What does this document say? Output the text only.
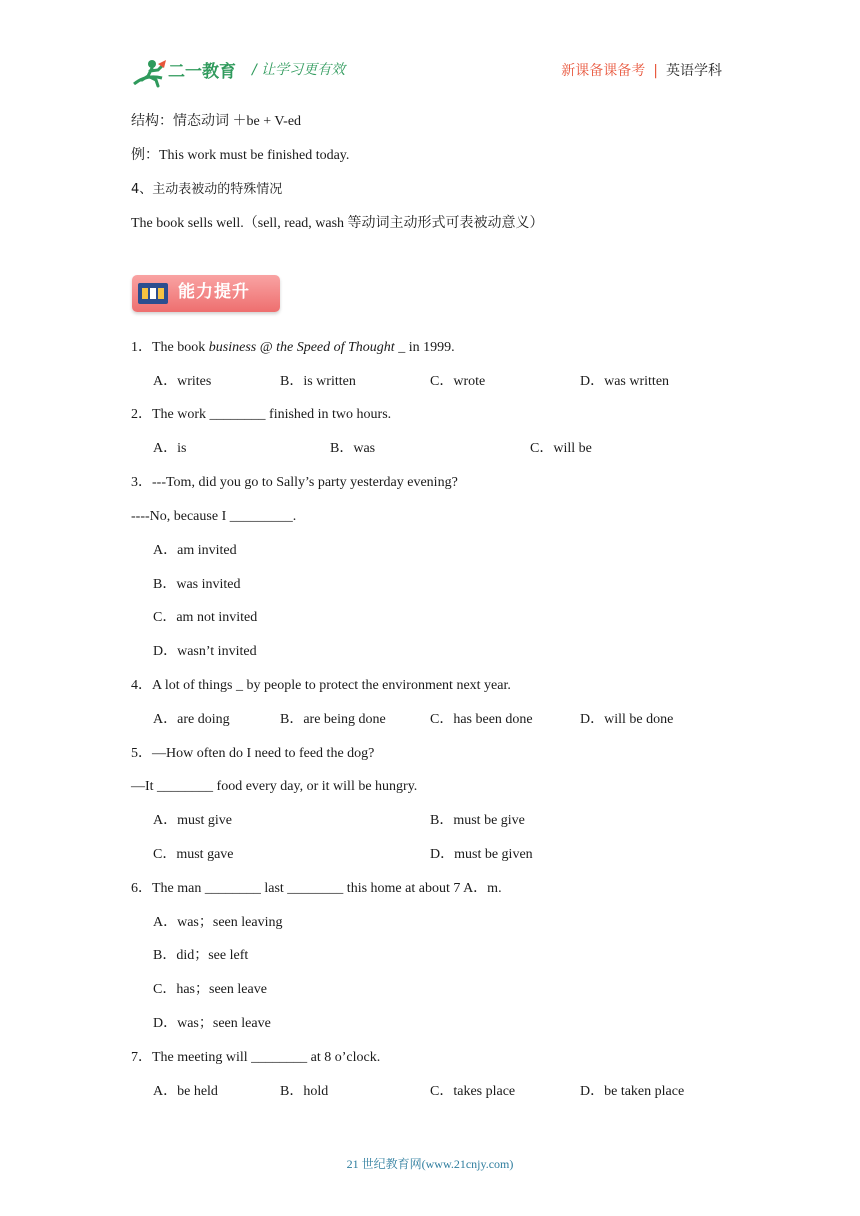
二一教育 / 让学习更有效	新课备课备考 | 英语学科
结构：情态动词 ＋be + V-ed
例：This work must be finished today.
4、主动表被动的特殊情况
The book sells well.（sell, read, wash 等动词主动形式可表被动意义）
能力提升
1．The book business @ the Speed of Thought _ in 1999.
A．writes	B．is written	C．wrote	D．was written
2．The work ________ finished in two hours.
A．is	B．was	C．will be
3．---Tom, did you go to Sally’s party yesterday evening?
----No, because I _________.
A．am invited
B．was invited
C．am not invited
D．wasn’t invited
4．A lot of things _ by people to protect the environment next year.
A．are doing	B．are being done	C．has been done	D．will be done
5．—How often do I need to feed the dog?
—It ________ food every day, or it will be hungry.
A．must give	B．must be give
C．must gave	D．must be given
6．The man ________ last ________ this home at about 7 A．m.
A．was；seen leaving
B．did；see left
C．has；seen leave
D．was；seen leave
7．The meeting will ________ at 8 o’clock.
A．be held	B．hold	C．takes place	D．be taken place
21 世纪教育网(www.21cnjy.com)
